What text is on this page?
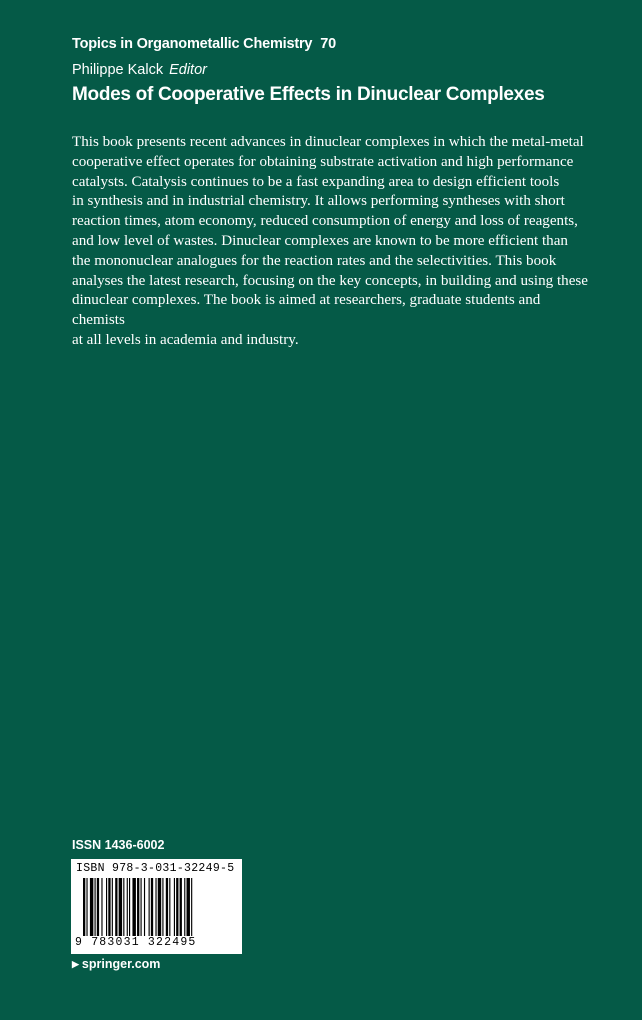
Topics in Organometallic Chemistry 70
Philippe Kalck Editor
Modes of Cooperative Effects in Dinuclear Complexes

This book presents recent advances in dinuclear complexes in which the metal-metal
cooperative effect operates for obtaining substrate activation and high performance
catalysts. Catalysis continues to be a fast expanding area to design efficient tools
in synthesis and in industrial chemistry. It allows performing syntheses with short
reaction times, atom economy, reduced consumption of energy and loss of reagents,
and low level of wastes. Dinuclear complexes are known to be more efficient than
the mononuclear analogues for the reaction rates and the selectivities. This book
analyses the latest research, focusing on the key concepts, in building and using these
dinuclear complexes. The book is aimed at researchers, graduate students and chemists
at all levels in academia and industry.

ISSN 1436-6002
ISBN 978-3-031-32249-5
9 783031 322495
▶ springer.com
